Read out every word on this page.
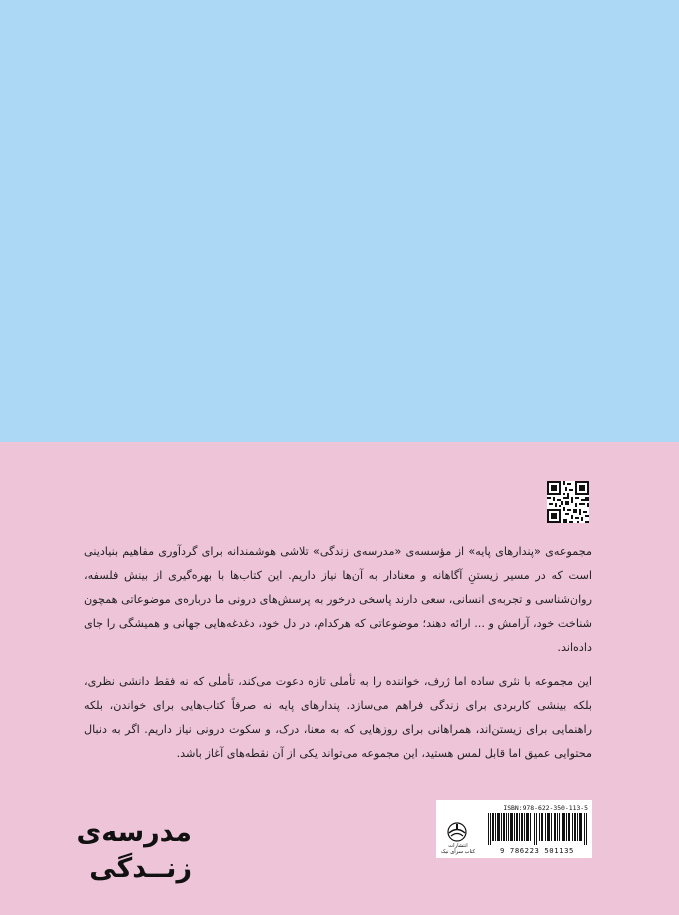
مجموعه‌ی «پندارهای پایه» از مؤسسه‌ی «مدرسه‌ی زندگی» تلاشی هوشمندانه برای گردآوری مفاهیم بنیادینی است که در مسیر زیستنِ آگاهانه و معنادار به آن‌ها نیاز داریم. این کتاب‌ها با بهره‌گیری از بینش فلسفه، روان‌شناسی و تجربه‌ی انسانی، سعی دارند پاسخی درخور به پرسش‌های درونی ما درباره‌ی موضوعاتی همچون شناخت خود، آرامش و ... ارائه دهند؛ موضوعاتی که هرکدام، در دل خود، دغدغه‌هایی جهانی و همیشگی را جای داده‌اند.

این مجموعه با نثری ساده اما ژرف، خواننده را به تأملی تازه دعوت می‌کند، تأملی که نه فقط دانشی نظری، بلکه بینشی کاربردی برای زندگی فراهم می‌سازد. پندارهای پایه نه صرفاً کتاب‌هایی برای خواندن، بلکه راهنمایی برای زیستن‌اند، همراهانی برای روزهایی که به معنا، درک، و سکوت درونی نیاز داریم. اگر به دنبال محتوایی عمیق اما قابل لمس هستید، این مجموعه می‌تواند یکی از آن نقطه‌های آغاز باشد.

مدرسه‌ی
زنــدگی
انتشارات
کتاب سرای نیک
ISBN:978-622-350-113-5
9 786223 501135
